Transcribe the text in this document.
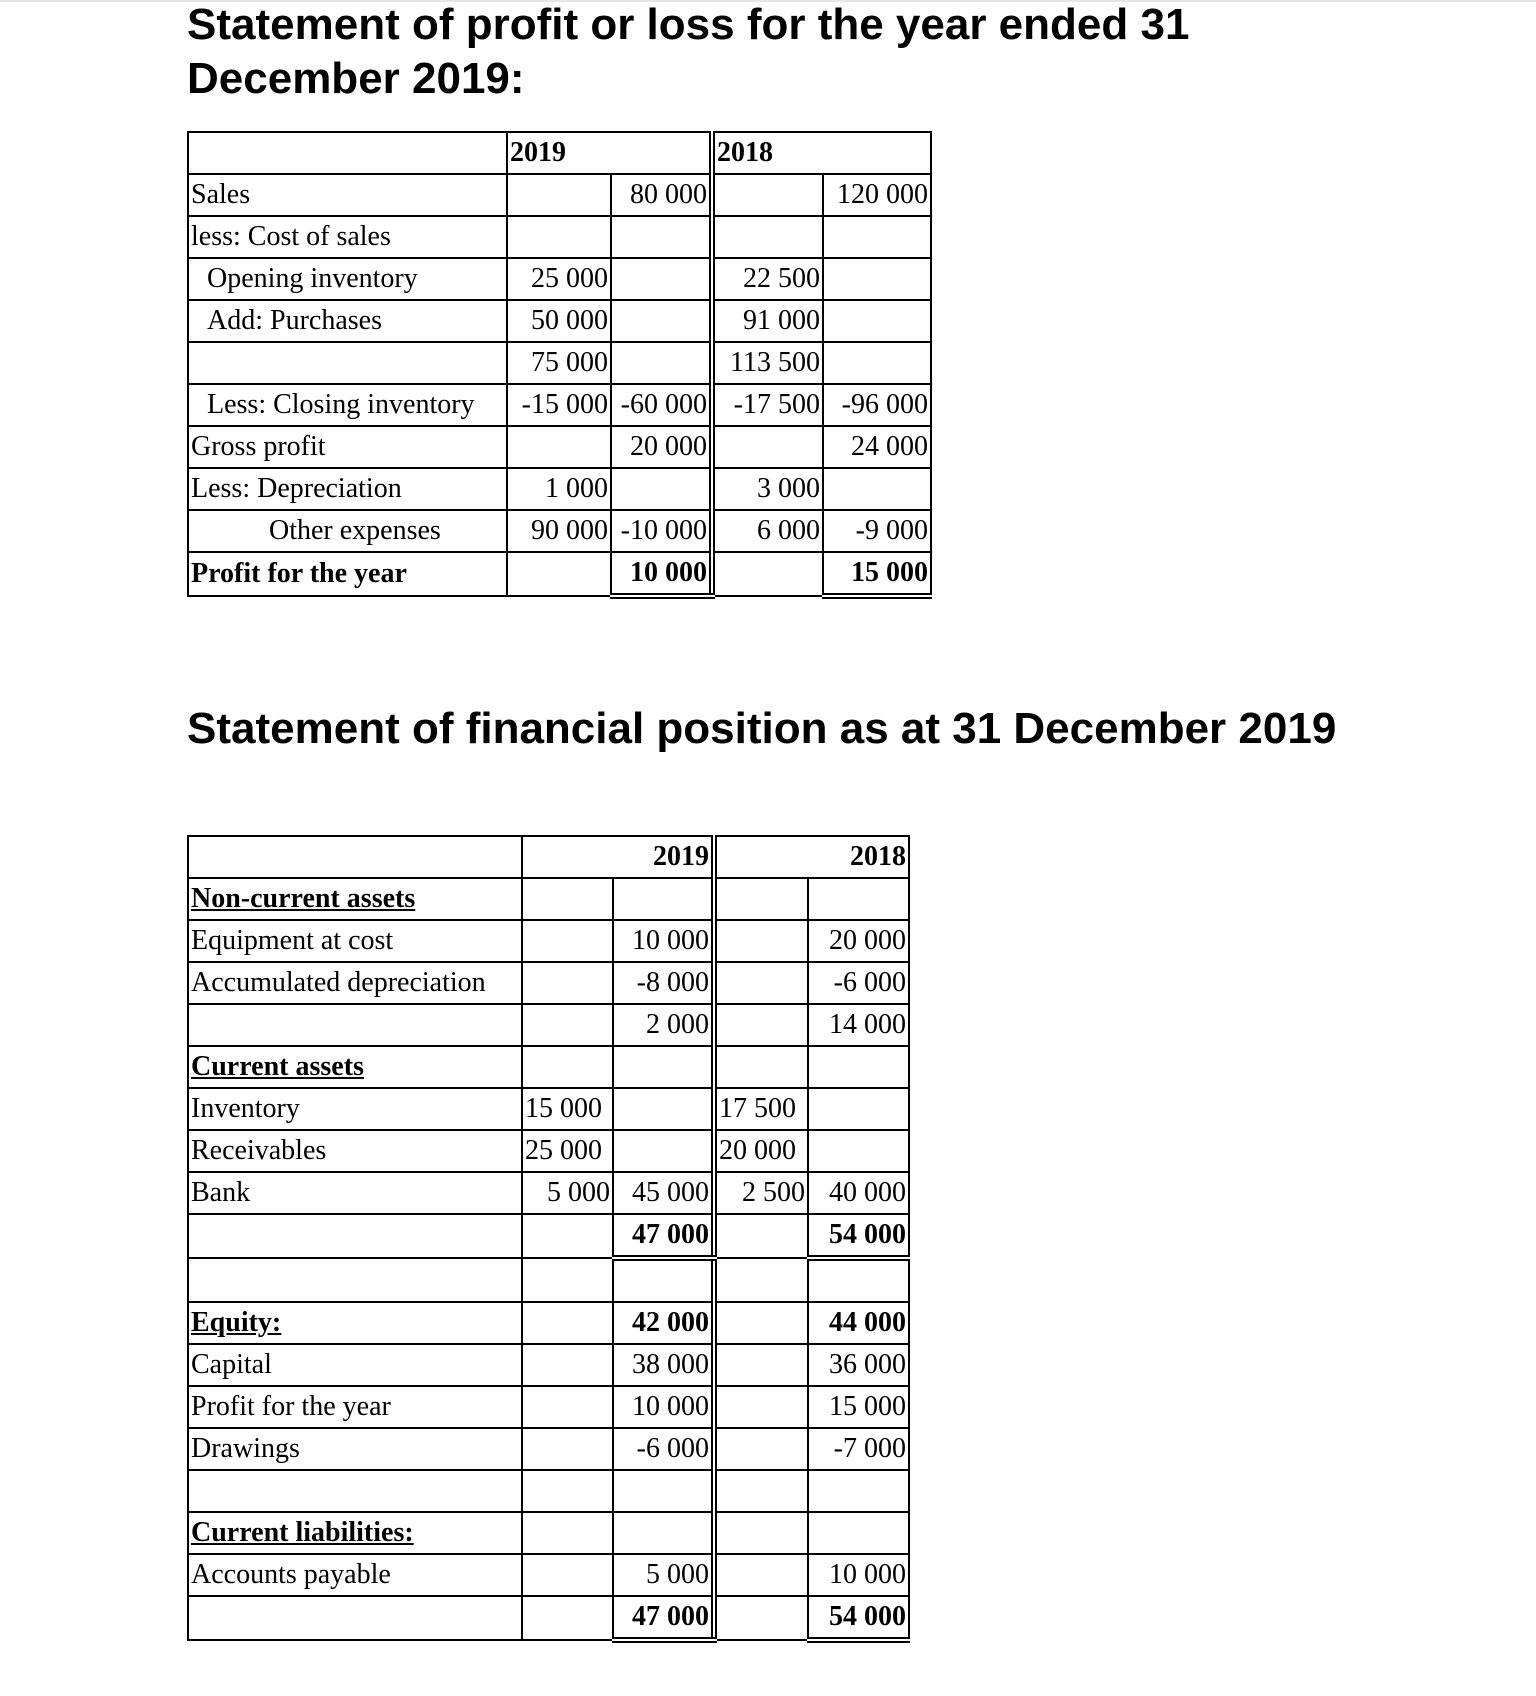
Statement of profit or loss for the year ended 31 December 2019:
	2019		2018	
Sales		80 000		120 000
less: Cost of sales				
Opening inventory	25 000		22 500	
Add: Purchases	50 000		91 000	
	75 000		113 500	
Less: Closing inventory	-15 000	-60 000	-17 500	-96 000
Gross profit		20 000		24 000
Less: Depreciation	1 000		3 000	
Other expenses	90 000	-10 000	6 000	-9 000
Profit for the year		10 000		15 000
Statement of financial position as at 31 December 2019
	2019		2018	
Non-current assets				
Equipment at cost		10 000		20 000
Accumulated depreciation		-8 000		-6 000
		2 000		14 000
Current assets				
Inventory	15 000		17 500	
Receivables	25 000		20 000	
Bank	5 000	45 000	2 500	40 000
		47 000		54 000

Equity:		42 000		44 000
Capital		38 000		36 000
Profit for the year		10 000		15 000
Drawings		-6 000		-7 000

Current liabilities:				
Accounts payable		5 000		10 000
		47 000		54 000
